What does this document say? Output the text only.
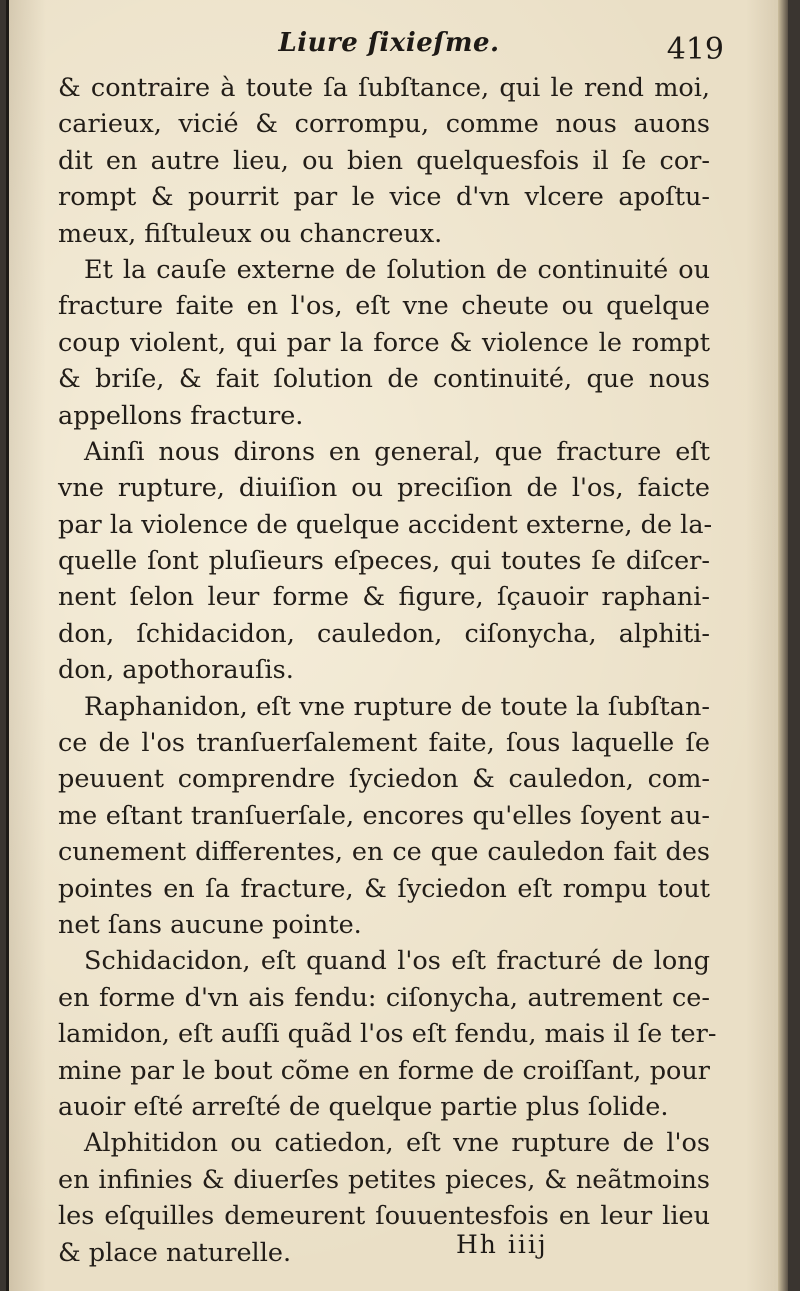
Liure ſixieſme.	419
& contraire à toute ſa ſubſtance, qui le rend moi,
carieux, vicié & corrompu, comme nous auons
dit en autre lieu, ou bien quelquesfois il ſe cor-
rompt & pourrit par le vice d'vn vlcere apoſtu-
meux, fiſtuleux ou chancreux.
Et la cauſe externe de ſolution de continuité ou
fracture faite en l'os, eſt vne cheute ou quelque
coup violent, qui par la force & violence le rompt
& briſe, & fait ſolution de continuité, que nous
appellons fracture.
Ainſi nous dirons en general, que fracture eſt
vne rupture, diuiſion ou preciſion de l'os, faicte
par la violence de quelque accident externe, de la-
quelle ſont pluſieurs eſpeces, qui toutes ſe diſcer-
nent ſelon leur forme & figure, ſçauoir raphani-
don, ſchidacidon, cauledon, ciſonycha, alphiti-
don, apothorauſis.
Raphanidon, eſt vne rupture de toute la ſubſtan-
ce de l'os tranſuerſalement faite, ſous laquelle ſe
peuuent comprendre ſyciedon & cauledon, com-
me eſtant tranſuerſale, encores qu'elles ſoyent au-
cunement differentes, en ce que cauledon fait des
pointes en ſa fracture, & ſyciedon eſt rompu tout
net ſans aucune pointe.
Schidacidon, eſt quand l'os eſt fracturé de long
en forme d'vn ais fendu: ciſonycha, autrement ce-
lamidon, eſt auſſi quãd l'os eſt fendu, mais il ſe ter-
mine par le bout cõme en forme de croiſſant, pour
auoir eſté arreſté de quelque partie plus ſolide.
Alphitidon ou catiedon, eſt vne rupture de l'os
en infinies & diuerſes petites pieces, & neãtmoins
les eſquilles demeurent ſouuentesfois en leur lieu
& place naturelle.	Hh iiij
